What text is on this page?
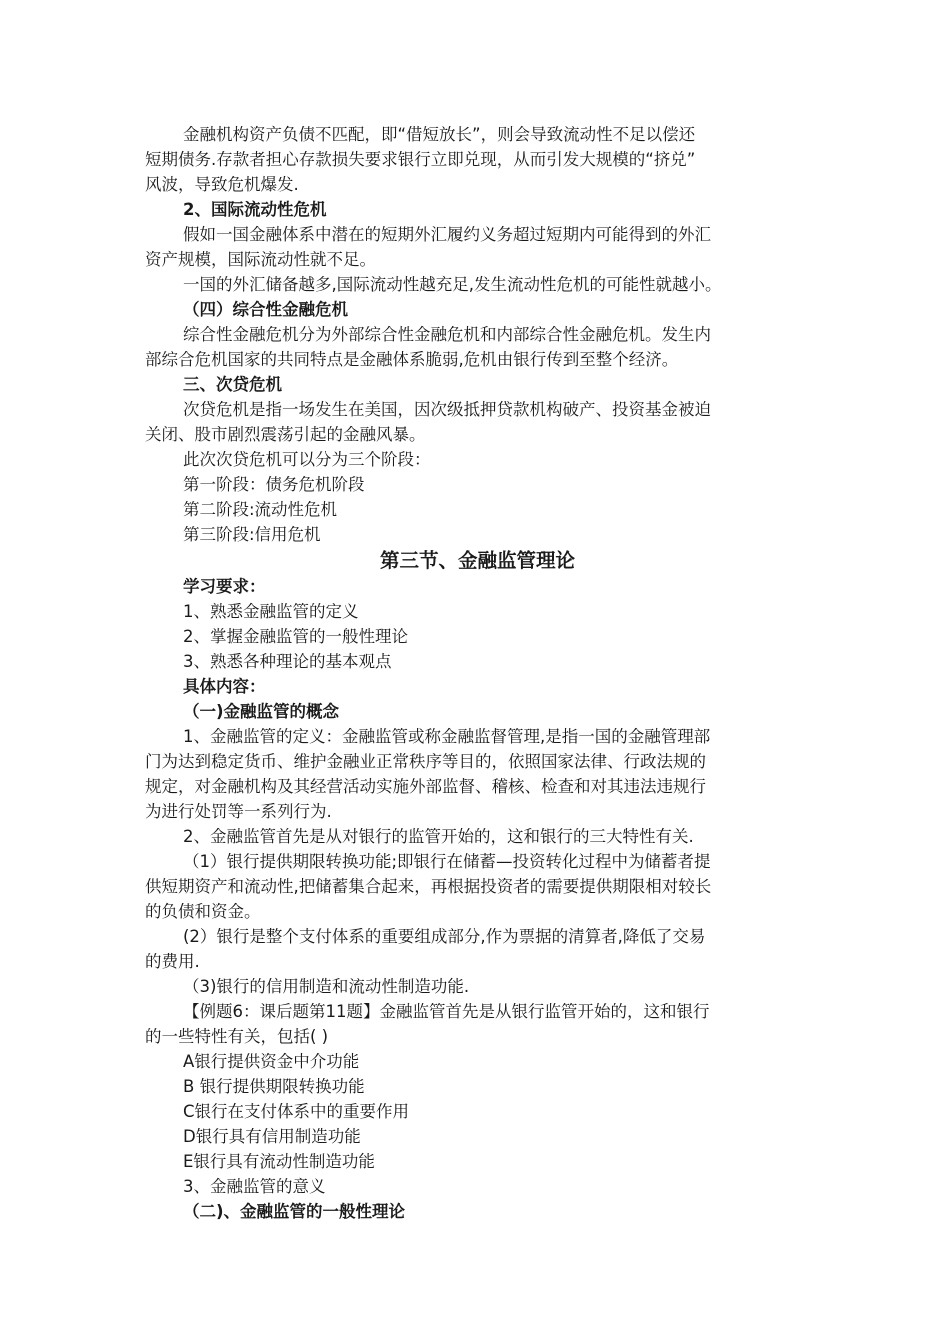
金融机构资产负债不匹配，即“借短放长”，则会导致流动性不足以偿还
短期债务.存款者担心存款损失要求银行立即兑现，从而引发大规模的“挤兑”
风波，导致危机爆发.
2、国际流动性危机
假如一国金融体系中潜在的短期外汇履约义务超过短期内可能得到的外汇
资产规模，国际流动性就不足。
一国的外汇储备越多,国际流动性越充足,发生流动性危机的可能性就越小。
（四）综合性金融危机
综合性金融危机分为外部综合性金融危机和内部综合性金融危机。发生内
部综合危机国家的共同特点是金融体系脆弱,危机由银行传到至整个经济。
三、次贷危机
次贷危机是指一场发生在美国，因次级抵押贷款机构破产、投资基金被迫
关闭、股市剧烈震荡引起的金融风暴。
此次次贷危机可以分为三个阶段：
第一阶段：债务危机阶段
第二阶段:流动性危机
第三阶段:信用危机
第三节、金融监管理论
学习要求：
1、熟悉金融监管的定义
2、掌握金融监管的一般性理论
3、熟悉各种理论的基本观点
具体内容：
（一)金融监管的概念
1、金融监管的定义：金融监管或称金融监督管理,是指一国的金融管理部
门为达到稳定货币、维护金融业正常秩序等目的，依照国家法律、行政法规的
规定，对金融机构及其经营活动实施外部监督、稽核、检查和对其违法违规行
为进行处罚等一系列行为.
2、金融监管首先是从对银行的监管开始的，这和银行的三大特性有关.
（1）银行提供期限转换功能;即银行在储蓄—投资转化过程中为储蓄者提
供短期资产和流动性,把储蓄集合起来，再根据投资者的需要提供期限相对较长
的负债和资金。
(2）银行是整个支付体系的重要组成部分,作为票据的清算者,降低了交易
的费用.
（3)银行的信用制造和流动性制造功能.
【例题6：课后题第11题】金融监管首先是从银行监管开始的，这和银行
的一些特性有关，包括( )
A银行提供资金中介功能
B 银行提供期限转换功能
C银行在支付体系中的重要作用
D银行具有信用制造功能
E银行具有流动性制造功能
3、金融监管的意义
（二)、金融监管的一般性理论
